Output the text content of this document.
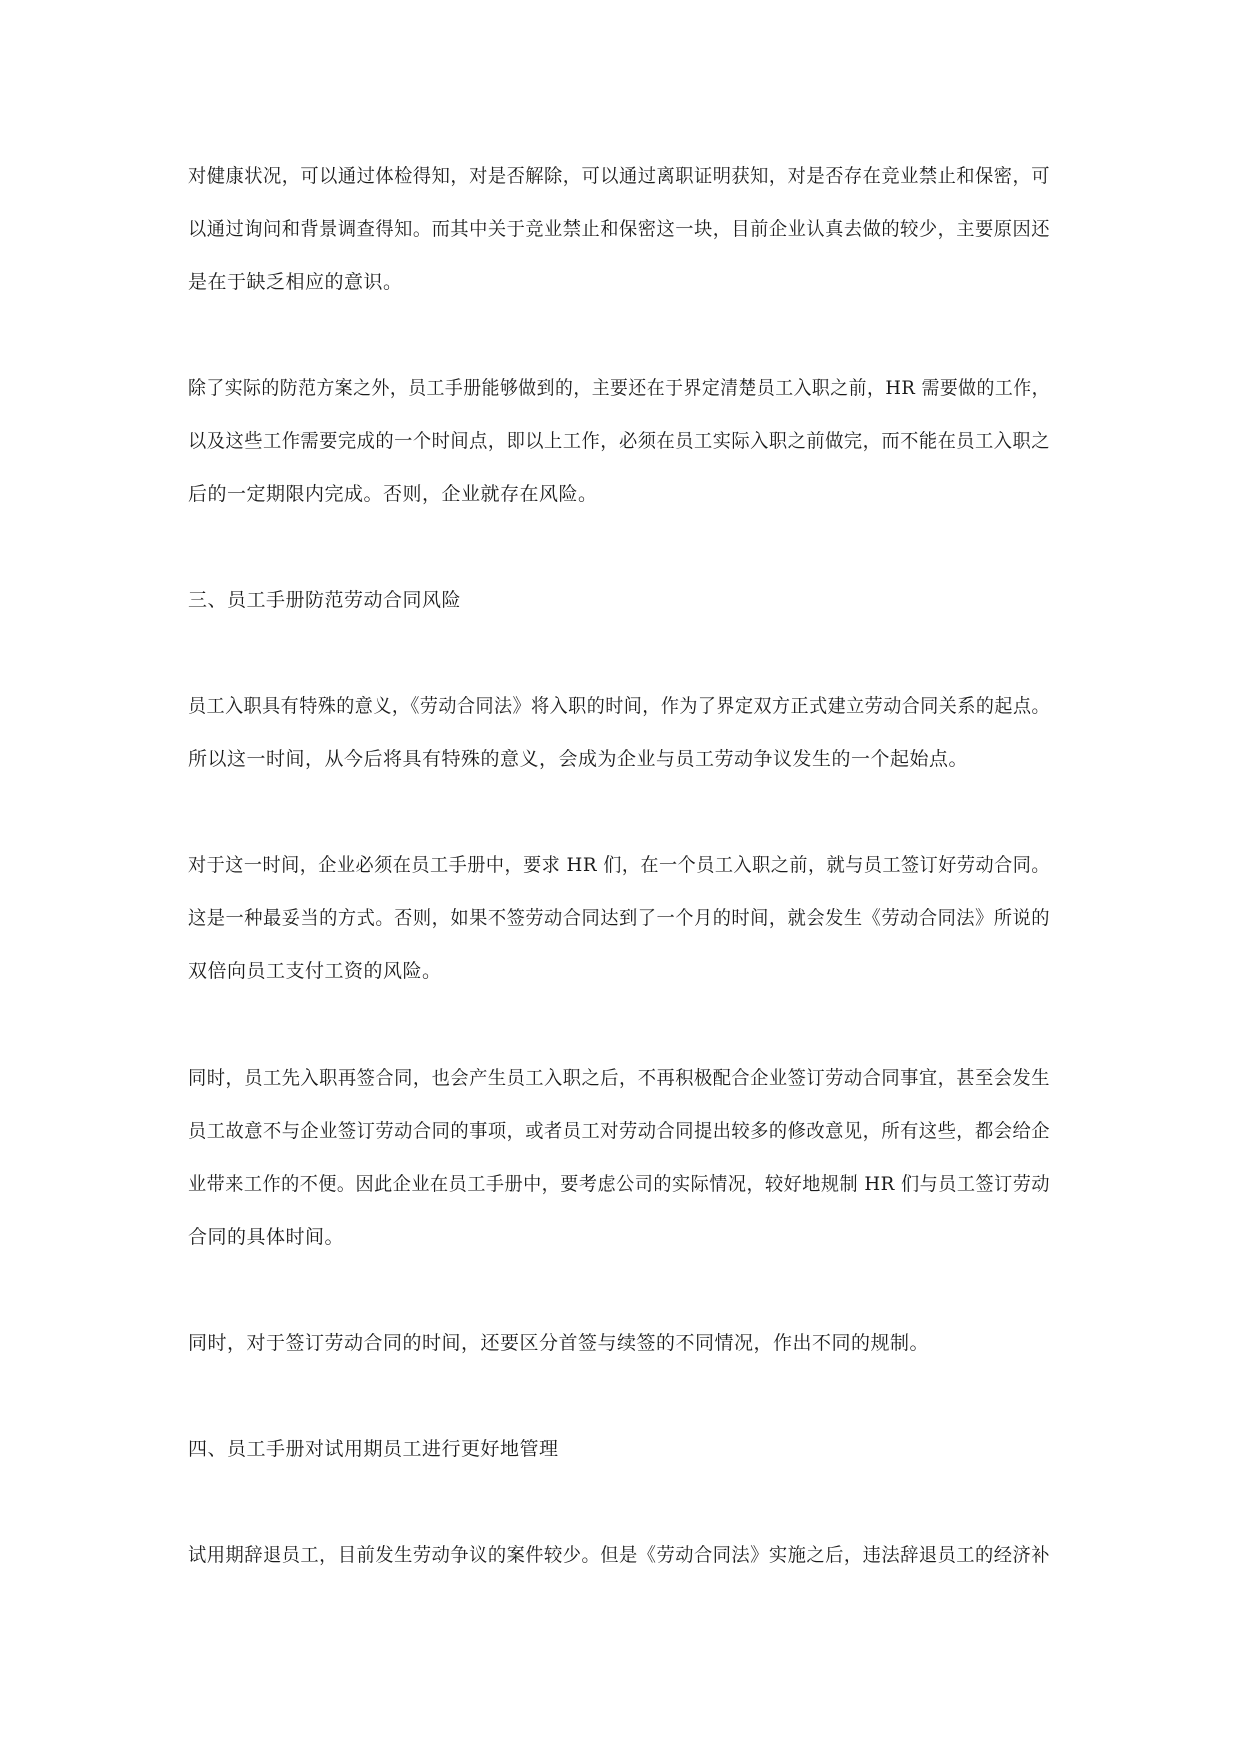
对健康状况，可以通过体检得知，对是否解除，可以通过离职证明获知，对是否存在竞业禁止和保密，可
以通过询问和背景调查得知。而其中关于竞业禁止和保密这一块，目前企业认真去做的较少，主要原因还
是在于缺乏相应的意识。
除了实际的防范方案之外，员工手册能够做到的，主要还在于界定清楚员工入职之前，HR 需要做的工作，
以及这些工作需要完成的一个时间点，即以上工作，必须在员工实际入职之前做完，而不能在员工入职之
后的一定期限内完成。否则，企业就存在风险。
三、员工手册防范劳动合同风险
员工入职具有特殊的意义，《劳动合同法》将入职的时间，作为了界定双方正式建立劳动合同关系的起点。
所以这一时间，从今后将具有特殊的意义，会成为企业与员工劳动争议发生的一个起始点。
对于这一时间，企业必须在员工手册中，要求 HR 们，在一个员工入职之前，就与员工签订好劳动合同。
这是一种最妥当的方式。否则，如果不签劳动合同达到了一个月的时间，就会发生《劳动合同法》所说的
双倍向员工支付工资的风险。
同时，员工先入职再签合同，也会产生员工入职之后，不再积极配合企业签订劳动合同事宜，甚至会发生
员工故意不与企业签订劳动合同的事项，或者员工对劳动合同提出较多的修改意见，所有这些，都会给企
业带来工作的不便。因此企业在员工手册中，要考虑公司的实际情况，较好地规制 HR 们与员工签订劳动
合同的具体时间。
同时，对于签订劳动合同的时间，还要区分首签与续签的不同情况，作出不同的规制。
四、员工手册对试用期员工进行更好地管理
试用期辞退员工，目前发生劳动争议的案件较少。但是《劳动合同法》实施之后，违法辞退员工的经济补
